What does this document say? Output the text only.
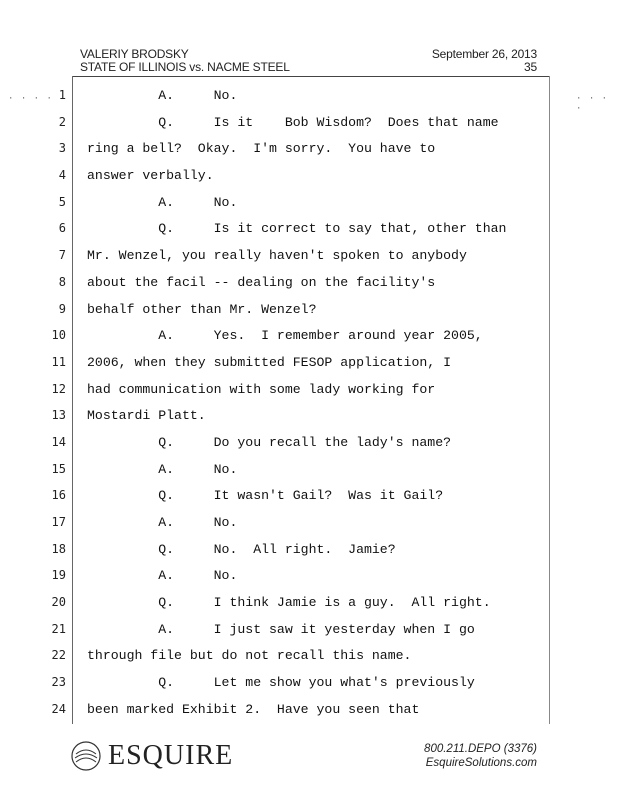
VALERIY BRODSKY
STATE OF ILLINOIS vs. NACME STEEL
September 26, 2013
35
· · · ·	· · · ·
1 A.     No.
2 Q.     Is it    Bob Wisdom?  Does that name
3 ring a bell?  Okay.  I'm sorry.  You have to
4 answer verbally.
5 A.     No.
6 Q.     Is it correct to say that, other than
7 Mr. Wenzel, you really haven't spoken to anybody
8 about the facil -- dealing on the facility's
9 behalf other than Mr. Wenzel?
10 A.     Yes.  I remember around year 2005,
11 2006, when they submitted FESOP application, I
12 had communication with some lady working for
13 Mostardi Platt.
14 Q.     Do you recall the lady's name?
15 A.     No.
16 Q.     It wasn't Gail?  Was it Gail?
17 A.     No.
18 Q.     No.  All right.  Jamie?
19 A.     No.
20 Q.     I think Jamie is a guy.  All right.
21 A.     I just saw it yesterday when I go
22 through file but do not recall this name.
23 Q.     Let me show you what's previously
24 been marked Exhibit 2.  Have you seen that
ESQUIRE	800.211.DEPO (3376)
EsquireSolutions.com
